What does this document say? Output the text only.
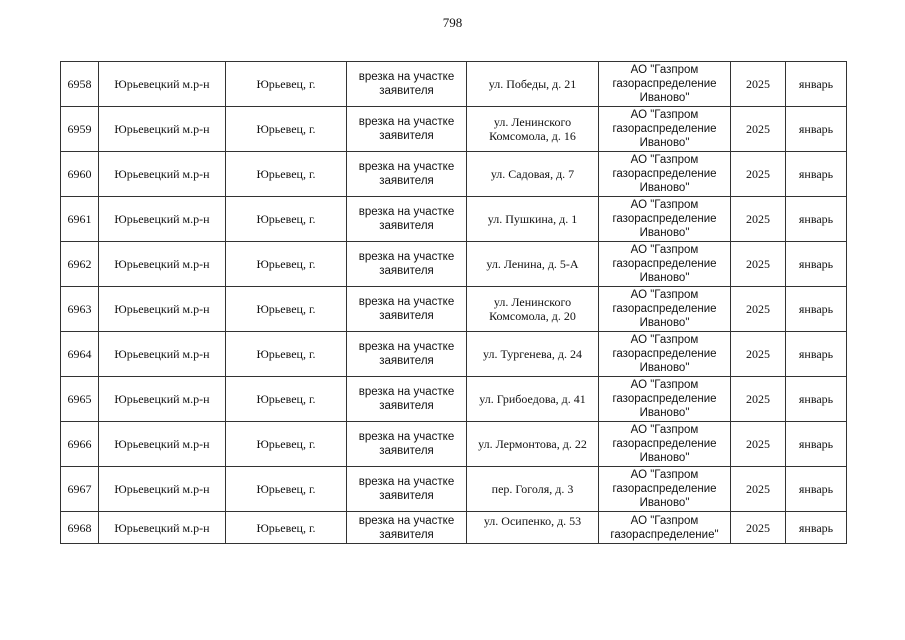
798
6958	Юрьевецкий м.р-н	Юрьевец, г.	врезка на участке заявителя	ул. Победы, д. 21	АО "Газпром газораспределение Иваново"	2025	январь
6959	Юрьевецкий м.р-н	Юрьевец, г.	врезка на участке заявителя	ул. Ленинского Комсомола, д. 16	АО "Газпром газораспределение Иваново"	2025	январь
6960	Юрьевецкий м.р-н	Юрьевец, г.	врезка на участке заявителя	ул. Садовая, д. 7	АО "Газпром газораспределение Иваново"	2025	январь
6961	Юрьевецкий м.р-н	Юрьевец, г.	врезка на участке заявителя	ул. Пушкина, д. 1	АО "Газпром газораспределение Иваново"	2025	январь
6962	Юрьевецкий м.р-н	Юрьевец, г.	врезка на участке заявителя	ул. Ленина, д. 5-А	АО "Газпром газораспределение Иваново"	2025	январь
6963	Юрьевецкий м.р-н	Юрьевец, г.	врезка на участке заявителя	ул. Ленинского Комсомола, д. 20	АО "Газпром газораспределение Иваново"	2025	январь
6964	Юрьевецкий м.р-н	Юрьевец, г.	врезка на участке заявителя	ул. Тургенева, д. 24	АО "Газпром газораспределение Иваново"	2025	январь
6965	Юрьевецкий м.р-н	Юрьевец, г.	врезка на участке заявителя	ул. Грибоедова, д. 41	АО "Газпром газораспределение Иваново"	2025	январь
6966	Юрьевецкий м.р-н	Юрьевец, г.	врезка на участке заявителя	ул. Лермонтова, д. 22	АО "Газпром газораспределение Иваново"	2025	январь
6967	Юрьевецкий м.р-н	Юрьевец, г.	врезка на участке заявителя	пер. Гоголя, д. 3	АО "Газпром газораспределение Иваново"	2025	январь
6968	Юрьевецкий м.р-н	Юрьевец, г.	врезка на участке заявителя	ул. Осипенко, д. 53	АО "Газпром газораспределение"	2025	январь
